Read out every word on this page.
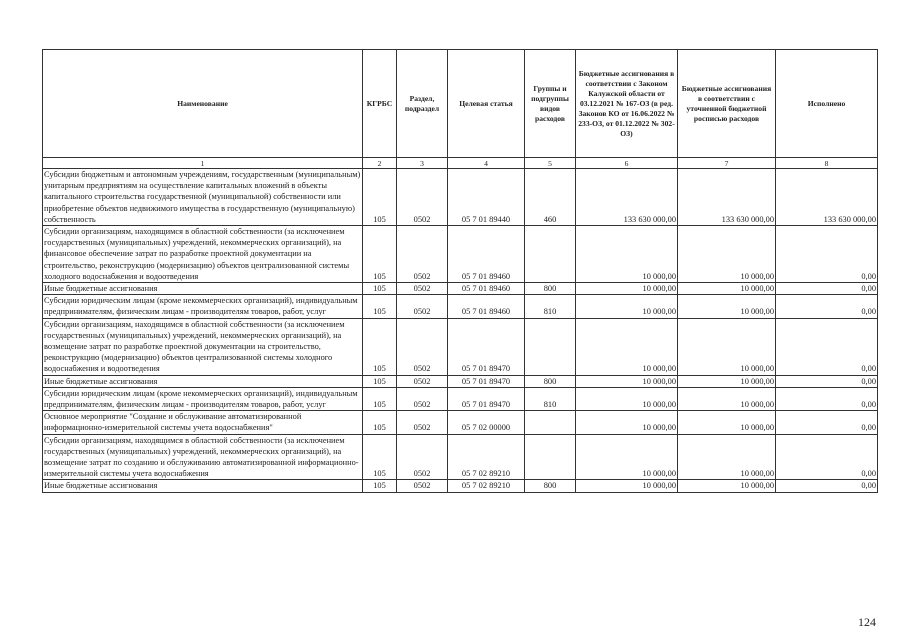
Наименование	КГРБС	Раздел, подраздел	Целевая статья	Группы и подгруппы видов расходов	Бюджетные ассигнования в соответствии с Законом Калужской области от 03.12.2021 № 167-ОЗ (в ред. Законов КО от 16.06.2022 № 233-ОЗ, от 01.12.2022 № 302-ОЗ)	Бюджетные ассигнования в соответствии с уточненной бюджетной росписью расходов	Исполнено
1	2	3	4	5	6	7	8
Субсидии бюджетным и автономным учреждениям, государственным (муниципальным) унитарным предприятиям на осуществление капитальных вложений в объекты капитального строительства государственной (муниципальной) собственности или приобретение объектов недвижимого имущества в государственную (муниципальную) собственность	105	0502	05 7 01 89440	460	133 630 000,00	133 630 000,00	133 630 000,00
Субсидии организациям, находящимся в областной собственности (за исключением государственных (муниципальных) учреждений, некоммерческих организаций), на финансовое обеспечение затрат по разработке проектной документации на строительство, реконструкцию (модернизацию) объектов централизованной системы холодного водоснабжения и водоотведения	105	0502	05 7 01 89460		10 000,00	10 000,00	0,00
Иные бюджетные ассигнования	105	0502	05 7 01 89460	800	10 000,00	10 000,00	0,00
Субсидии юридическим лицам (кроме некоммерческих организаций), индивидуальным предпринимателям, физическим лицам - производителям товаров, работ, услуг	105	0502	05 7 01 89460	810	10 000,00	10 000,00	0,00
Субсидии организациям, находящимся в областной собственности (за исключением государственных (муниципальных) учреждений, некоммерческих организаций), на возмещение затрат по разработке проектной документации на строительство, реконструкцию (модернизацию) объектов централизованной системы холодного водоснабжения и водоотведения	105	0502	05 7 01 89470		10 000,00	10 000,00	0,00
Иные бюджетные ассигнования	105	0502	05 7 01 89470	800	10 000,00	10 000,00	0,00
Субсидии юридическим лицам (кроме некоммерческих организаций), индивидуальным предпринимателям, физическим лицам - производителям товаров, работ, услуг	105	0502	05 7 01 89470	810	10 000,00	10 000,00	0,00
Основное мероприятие "Создание и обслуживание автоматизированной информационно-измерительной системы учета водоснабжения"	105	0502	05 7 02 00000		10 000,00	10 000,00	0,00
Субсидии организациям, находящимся в областной собственности (за исключением государственных (муниципальных) учреждений, некоммерческих организаций), на возмещение затрат по созданию и обслуживанию автоматизированной информационно-измерительной системы учета водоснабжения	105	0502	05 7 02 89210		10 000,00	10 000,00	0,00
Иные бюджетные ассигнования	105	0502	05 7 02 89210	800	10 000,00	10 000,00	0,00
124
